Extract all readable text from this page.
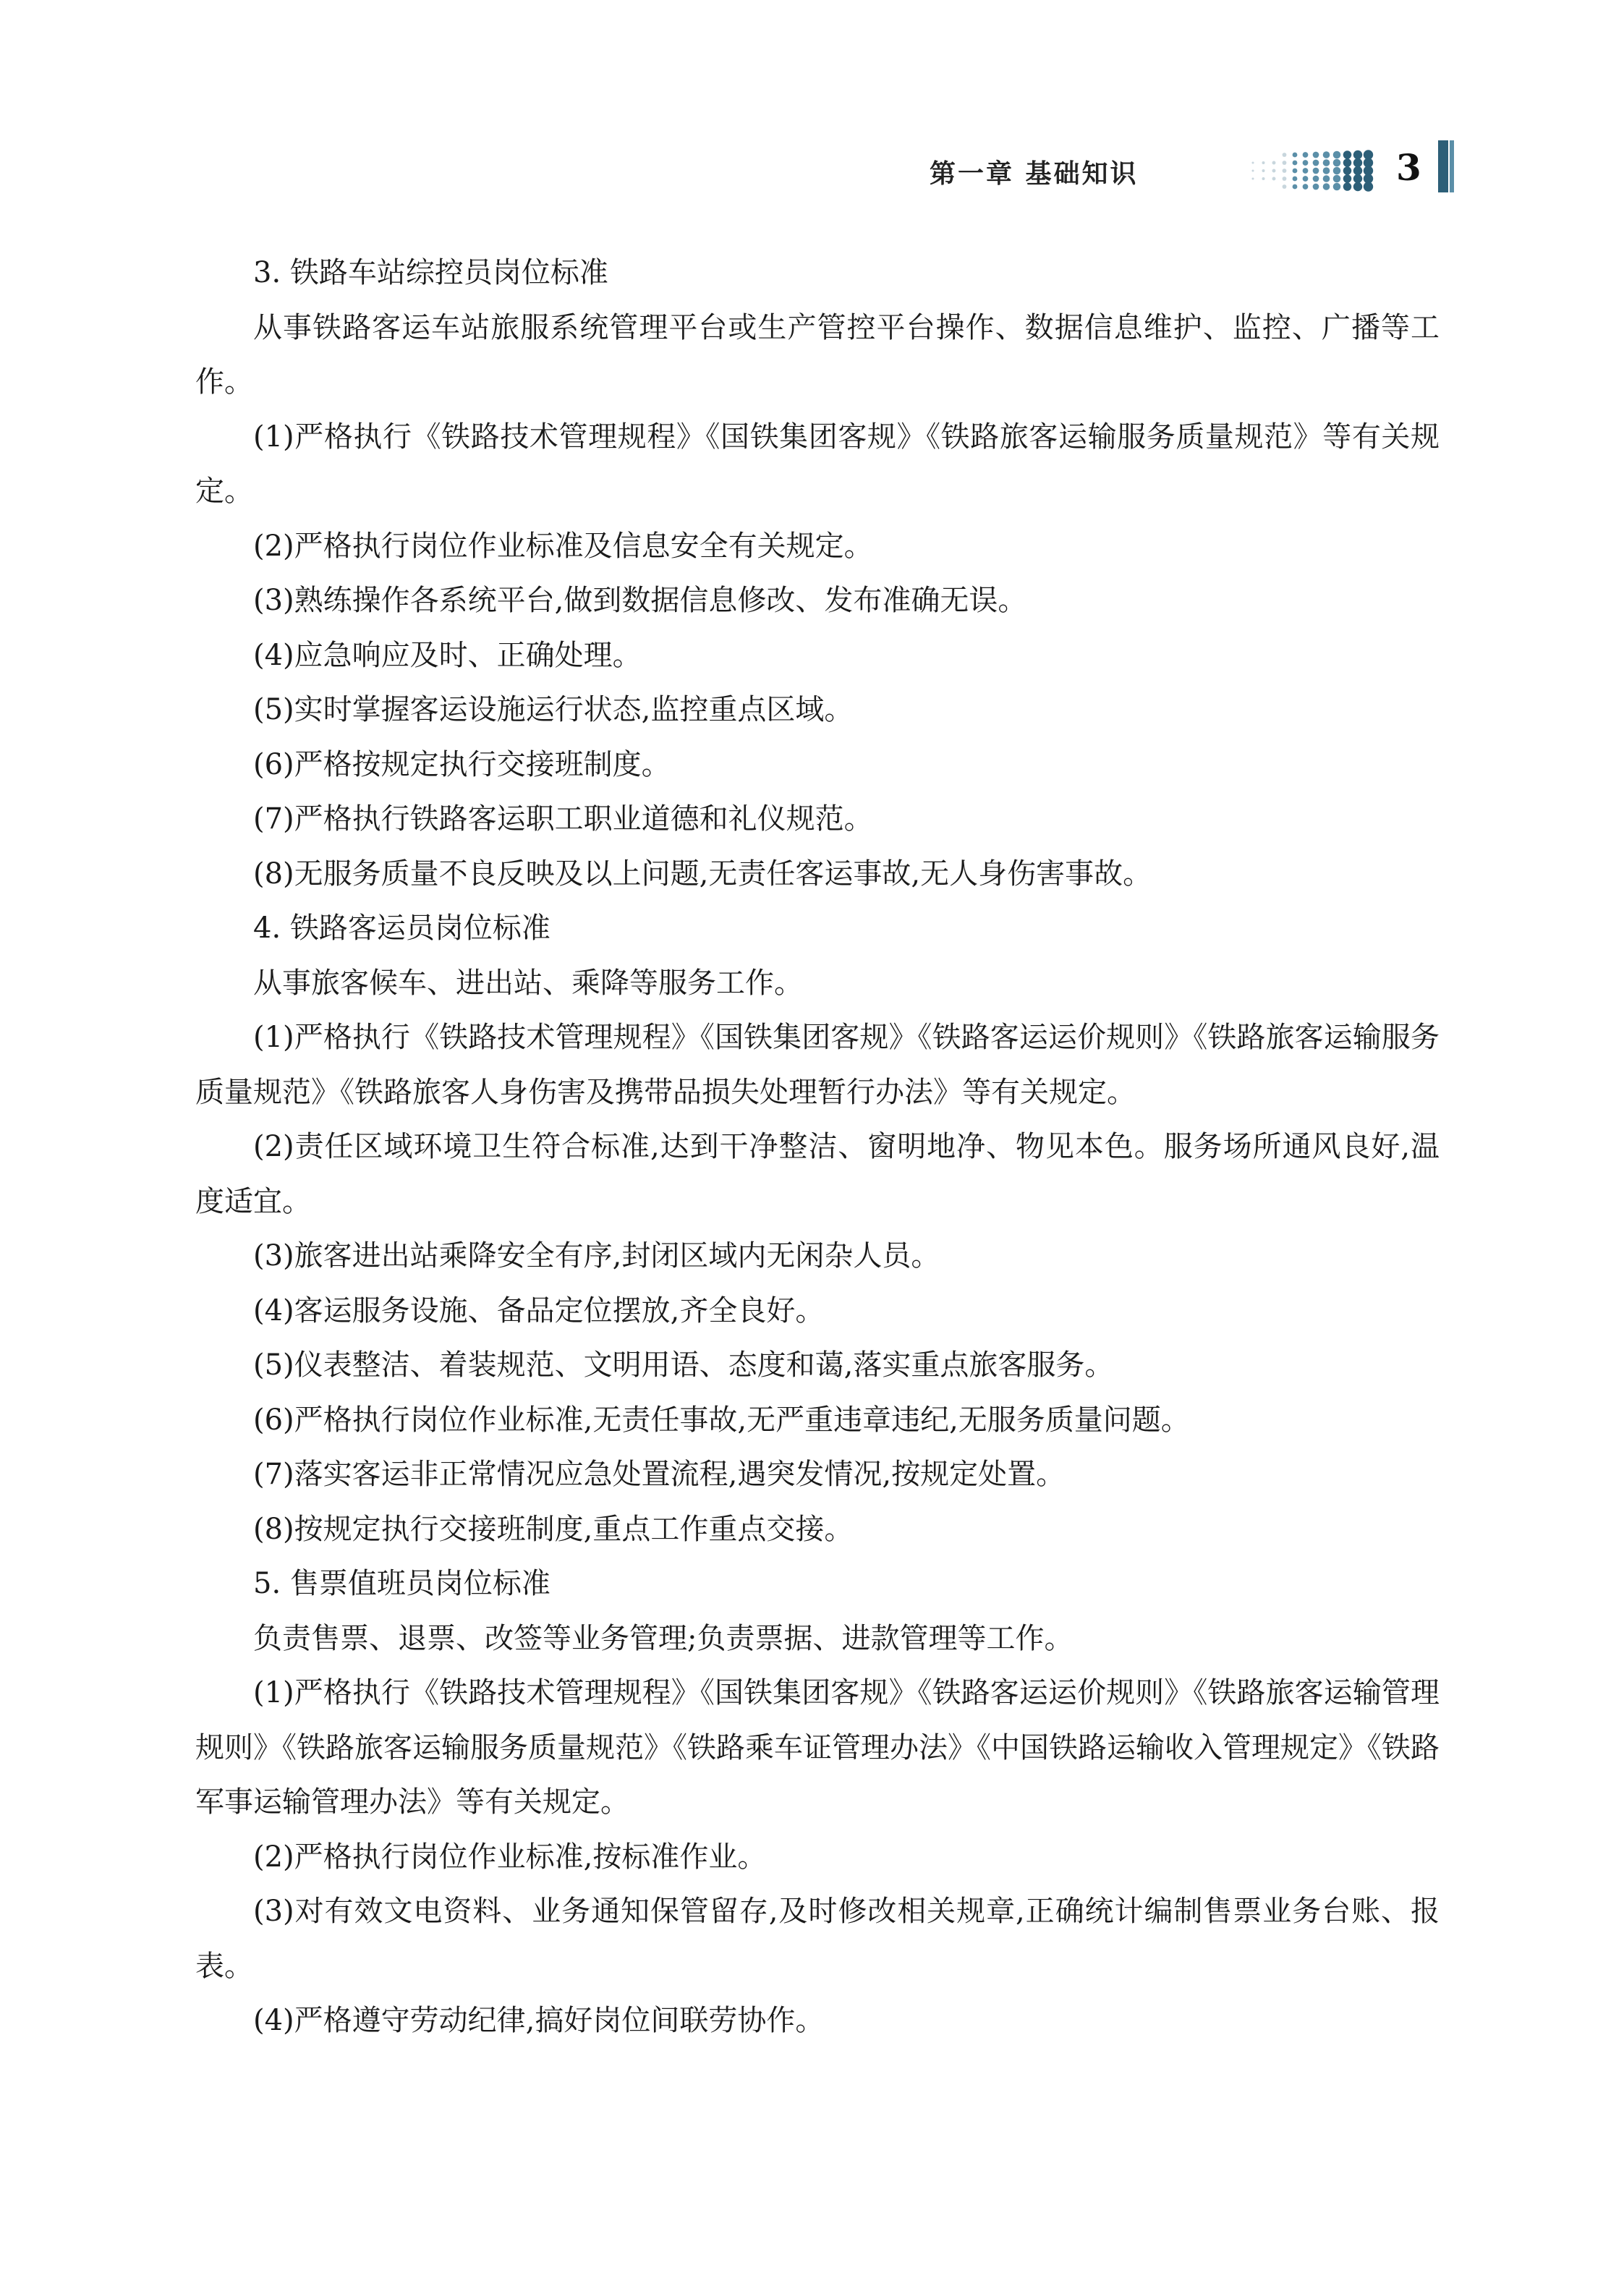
第一章 基础知识	3

3. 铁路车站综控员岗位标准

从事铁路客运车站旅服系统管理平台或生产管控平台操作、数据信息维护、监控、广播等工作。

(1)严格执行《铁路技术管理规程》《国铁集团客规》《铁路旅客运输服务质量规范》等有关规定。

(2)严格执行岗位作业标准及信息安全有关规定。

(3)熟练操作各系统平台,做到数据信息修改、发布准确无误。

(4)应急响应及时、正确处理。

(5)实时掌握客运设施运行状态,监控重点区域。

(6)严格按规定执行交接班制度。

(7)严格执行铁路客运职工职业道德和礼仪规范。

(8)无服务质量不良反映及以上问题,无责任客运事故,无人身伤害事故。

4. 铁路客运员岗位标准

从事旅客候车、进出站、乘降等服务工作。

(1)严格执行《铁路技术管理规程》《国铁集团客规》《铁路客运运价规则》《铁路旅客运输服务质量规范》《铁路旅客人身伤害及携带品损失处理暂行办法》等有关规定。

(2)责任区域环境卫生符合标准,达到干净整洁、窗明地净、物见本色。服务场所通风良好,温度适宜。

(3)旅客进出站乘降安全有序,封闭区域内无闲杂人员。

(4)客运服务设施、备品定位摆放,齐全良好。

(5)仪表整洁、着装规范、文明用语、态度和蔼,落实重点旅客服务。

(6)严格执行岗位作业标准,无责任事故,无严重违章违纪,无服务质量问题。

(7)落实客运非正常情况应急处置流程,遇突发情况,按规定处置。

(8)按规定执行交接班制度,重点工作重点交接。

5. 售票值班员岗位标准

负责售票、退票、改签等业务管理;负责票据、进款管理等工作。

(1)严格执行《铁路技术管理规程》《国铁集团客规》《铁路客运运价规则》《铁路旅客运输管理规则》《铁路旅客运输服务质量规范》《铁路乘车证管理办法》《中国铁路运输收入管理规定》《铁路军事运输管理办法》等有关规定。

(2)严格执行岗位作业标准,按标准作业。

(3)对有效文电资料、业务通知保管留存,及时修改相关规章,正确统计编制售票业务台账、报表。

(4)严格遵守劳动纪律,搞好岗位间联劳协作。
